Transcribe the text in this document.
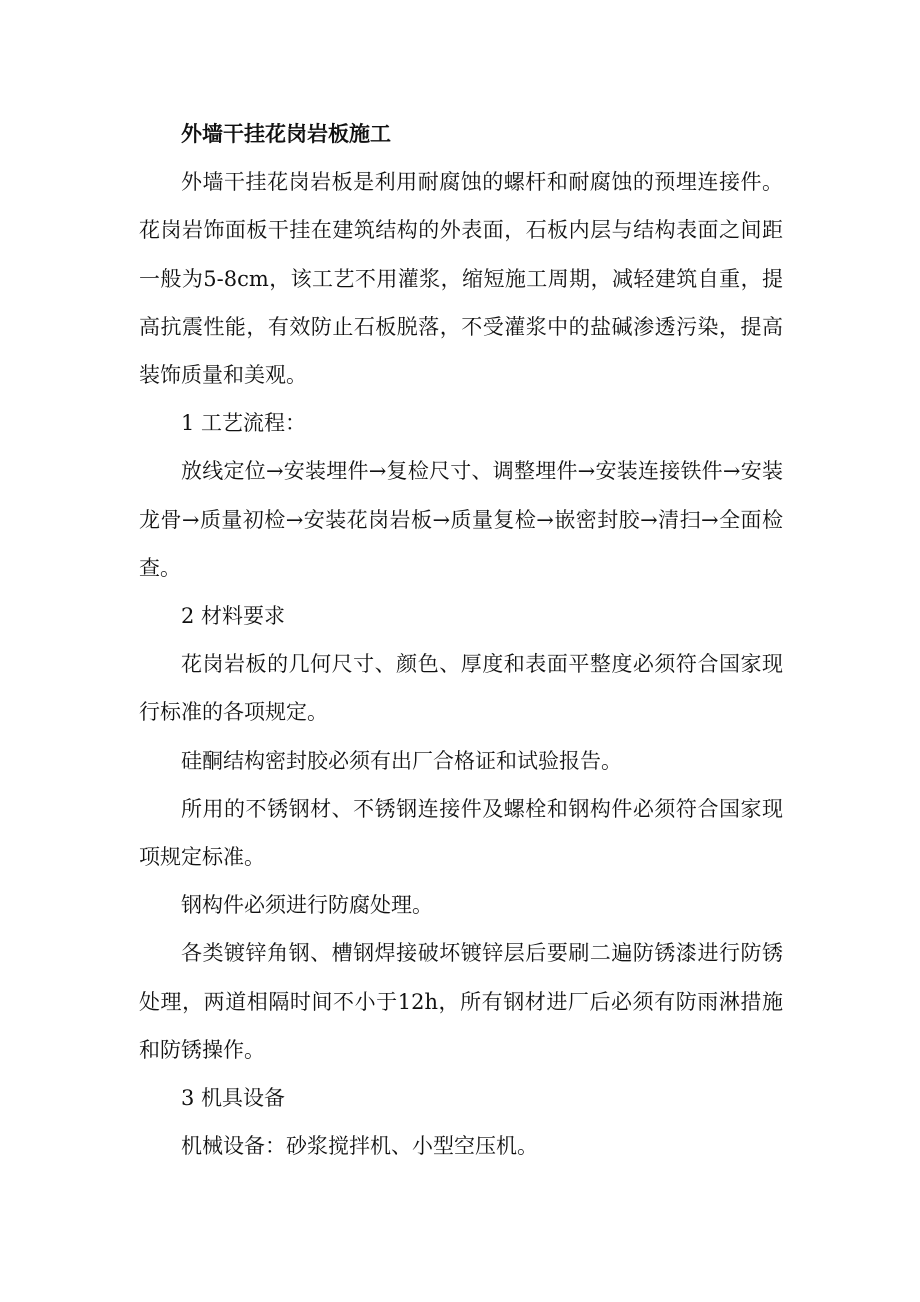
外墙干挂花岗岩板施工

外墙干挂花岗岩板是利用耐腐蚀的螺杆和耐腐蚀的预埋连接件。花岗岩饰面板干挂在建筑结构的外表面，石板内层与结构表面之间距一般为5-8cm，该工艺不用灌浆，缩短施工周期，减轻建筑自重，提高抗震性能，有效防止石板脱落，不受灌浆中的盐碱渗透污染，提高装饰质量和美观。

1 工艺流程：

放线定位→安装埋件→复检尺寸、调整埋件→安装连接铁件→安装龙骨→质量初检→安装花岗岩板→质量复检→嵌密封胶→清扫→全面检查。

2 材料要求

花岗岩板的几何尺寸、颜色、厚度和表面平整度必须符合国家现行标准的各项规定。

硅酮结构密封胶必须有出厂合格证和试验报告。

所用的不锈钢材、不锈钢连接件及螺栓和钢构件必须符合国家现项规定标准。

钢构件必须进行防腐处理。

各类镀锌角钢、槽钢焊接破坏镀锌层后要刷二遍防锈漆进行防锈处理，两道相隔时间不小于12h，所有钢材进厂后必须有防雨淋措施和防锈操作。

3 机具设备

机械设备：砂浆搅拌机、小型空压机。
